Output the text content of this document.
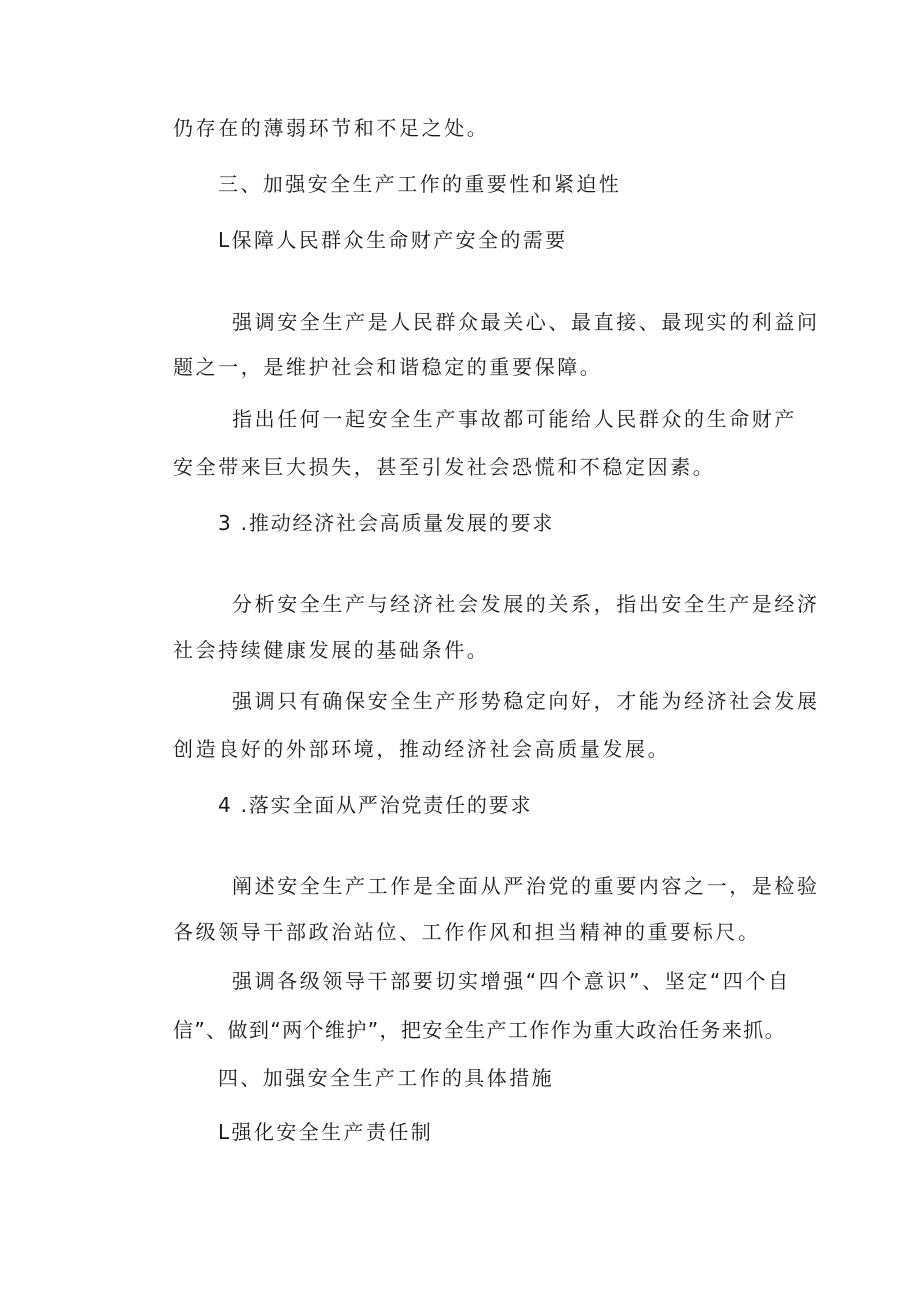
仍存在的薄弱环节和不足之处。
三、加强安全生产工作的重要性和紧迫性
L保障人民群众生命财产安全的需要
强调安全生产是人民群众最关心、最直接、最现实的利益问
题之一，是维护社会和谐稳定的重要保障。
指出任何一起安全生产事故都可能给人民群众的生命财产
安全带来巨大损失，甚至引发社会恐慌和不稳定因素。
3 .推动经济社会高质量发展的要求
分析安全生产与经济社会发展的关系，指出安全生产是经济
社会持续健康发展的基础条件。
强调只有确保安全生产形势稳定向好，才能为经济社会发展
创造良好的外部环境，推动经济社会高质量发展。
4 .落实全面从严治党责任的要求
阐述安全生产工作是全面从严治党的重要内容之一，是检验
各级领导干部政治站位、工作作风和担当精神的重要标尺。
强调各级领导干部要切实增强“四个意识”、坚定“四个自
信”、做到“两个维护”，把安全生产工作作为重大政治任务来抓。
四、加强安全生产工作的具体措施
L强化安全生产责任制
